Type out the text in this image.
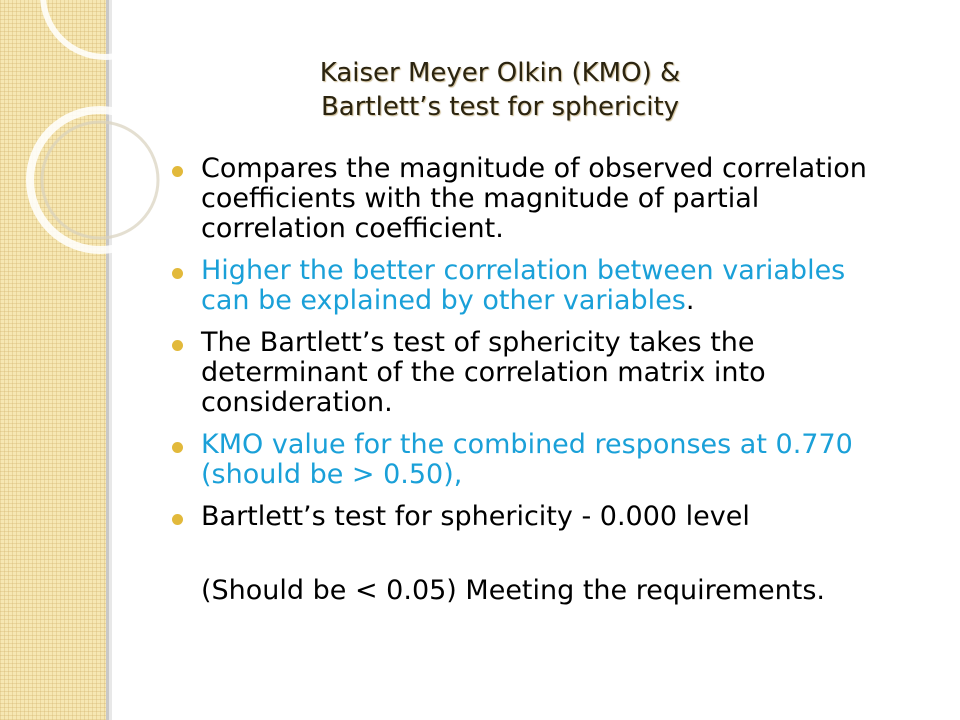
Kaiser Meyer Olkin (KMO) &
Bartlett’s test for sphericity
Compares the magnitude of observed correlation
coefficients with the magnitude of partial
correlation coefficient.
Higher the better correlation between variables
can be explained by other variables.
The Bartlett’s test of sphericity takes the
determinant of the correlation matrix into
consideration.
KMO value for the combined responses at 0.770
(should be > 0.50),
Bartlett’s test for sphericity - 0.000 level
(Should be < 0.05) Meeting the requirements.
